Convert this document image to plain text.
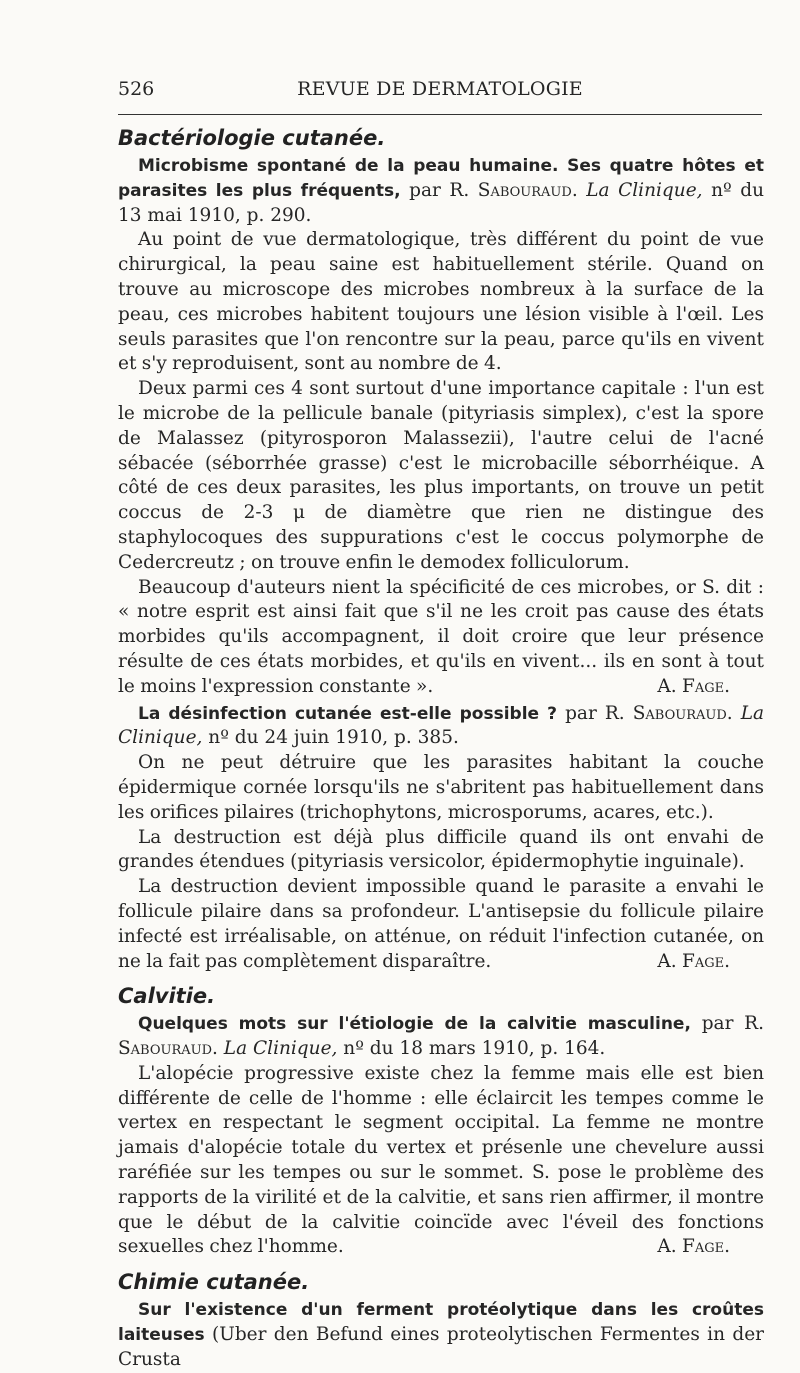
526	REVUE DE DERMATOLOGIE
Bactériologie cutanée.

Microbisme spontané de la peau humaine. Ses quatre hôtes et parasites les plus fréquents, par R. Sabouraud. La Clinique, nº du 13 mai 1910, p. 290.

Au point de vue dermatologique, très différent du point de vue chirurgical, la peau saine est habituellement stérile. Quand on trouve au microscope des microbes nombreux à la surface de la peau, ces microbes habitent toujours une lésion visible à l'œil. Les seuls parasites que l'on rencontre sur la peau, parce qu'ils en vivent et s'y reproduisent, sont au nombre de 4.

Deux parmi ces 4 sont surtout d'une importance capitale : l'un est le microbe de la pellicule banale (pityriasis simplex), c'est la spore de Malassez (pityrosporon Malassezii), l'autre celui de l'acné sébacée (séborrhée grasse) c'est le microbacille séborrhéique. A côté de ces deux parasites, les plus importants, on trouve un petit coccus de 2-3 μ de diamètre que rien ne distingue des staphylocoques des suppurations c'est le coccus polymorphe de Cedercreutz ; on trouve enfin le demodex folliculorum.

Beaucoup d'auteurs nient la spécificité de ces microbes, or S. dit : « notre esprit est ainsi fait que s'il ne les croit pas cause des états morbides qu'ils accompagnent, il doit croire que leur présence résulte de ces états morbides, et qu'ils en vivent... ils en sont à tout le moins l'expression constante ».	A. Fage.

La désinfection cutanée est-elle possible ? par R. Sabouraud. La Clinique, nº du 24 juin 1910, p. 385.

On ne peut détruire que les parasites habitant la couche épidermique cornée lorsqu'ils ne s'abritent pas habituellement dans les orifices pilaires (trichophytons, microsporums, acares, etc.).

La destruction est déjà plus difficile quand ils ont envahi de grandes étendues (pityriasis versicolor, épidermophytie inguinale).

La destruction devient impossible quand le parasite a envahi le follicule pilaire dans sa profondeur. L'antisepsie du follicule pilaire infecté est irréalisable, on atténue, on réduit l'infection cutanée, on ne la fait pas complètement disparaître.	A. Fage.

Calvitie.

Quelques mots sur l'étiologie de la calvitie masculine, par R. Sabouraud. La Clinique, nº du 18 mars 1910, p. 164.

L'alopécie progressive existe chez la femme mais elle est bien différente de celle de l'homme : elle éclaircit les tempes comme le vertex en respectant le segment occipital. La femme ne montre jamais d'alopécie totale du vertex et présenle une chevelure aussi raréfiée sur les tempes ou sur le sommet. S. pose le problème des rapports de la virilité et de la calvitie, et sans rien affirmer, il montre que le début de la calvitie coincïde avec l'éveil des fonctions sexuelles chez l'homme.	A. Fage.

Chimie cutanée.

Sur l'existence d'un ferment protéolytique dans les croûtes laiteuses (Uber den Befund eines proteolytischen Fermentes in der Crusta
